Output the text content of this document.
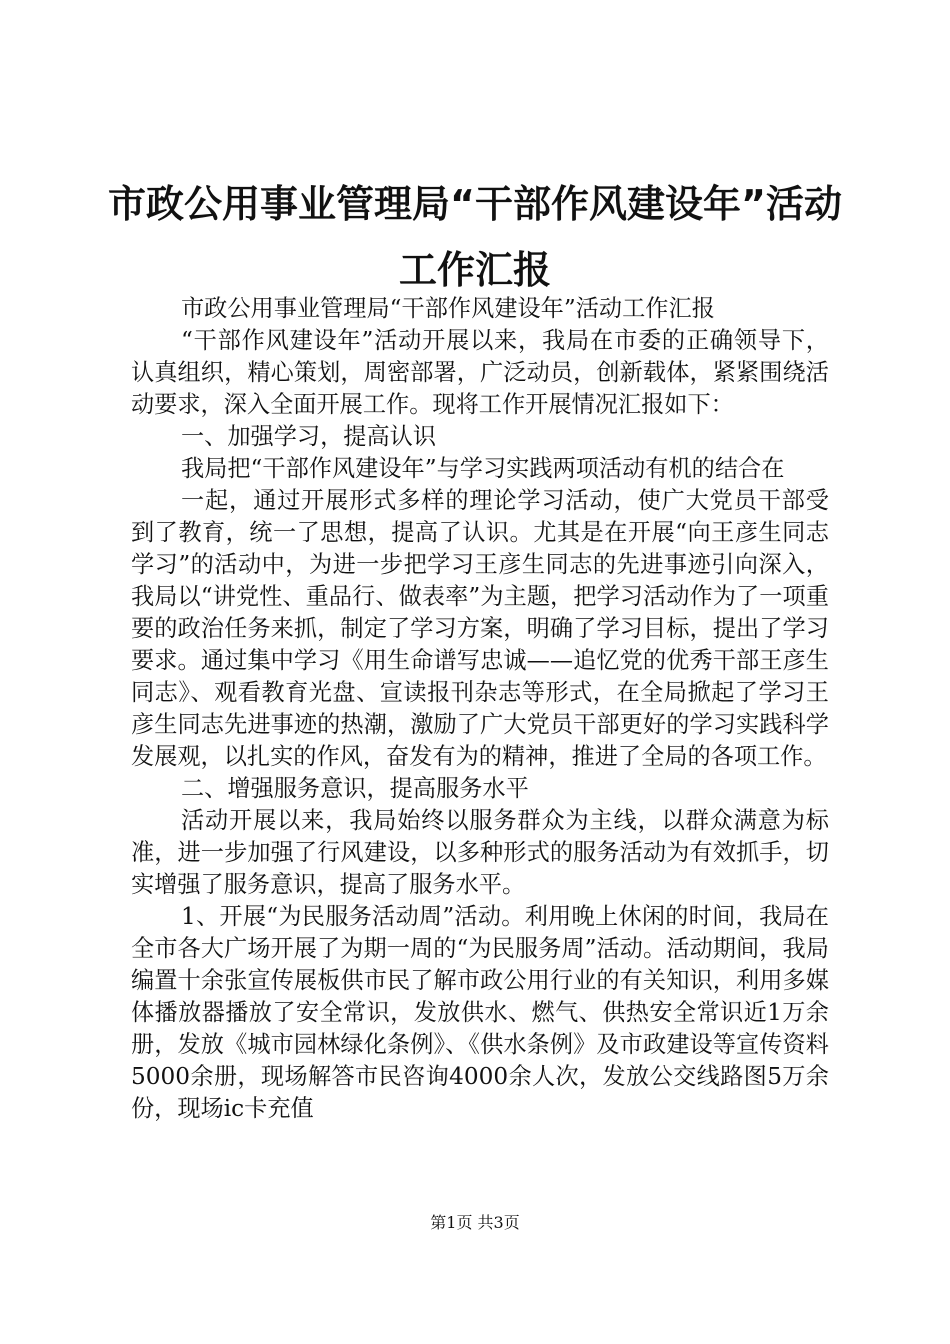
市政公用事业管理局“干部作风建设年”活动
工作汇报

市政公用事业管理局“干部作风建设年”活动工作汇报

“干部作风建设年”活动开展以来，我局在市委的正确领导下，认真组织，精心策划，周密部署，广泛动员，创新载体，紧紧围绕活动要求，深入全面开展工作。现将工作开展情况汇报如下：

一、加强学习，提高认识

我局把“干部作风建设年”与学习实践两项活动有机的结合在

一起，通过开展形式多样的理论学习活动，使广大党员干部受到了教育，统一了思想，提高了认识。尤其是在开展“向王彦生同志学习”的活动中，为进一步把学习王彦生同志的先进事迹引向深入，我局以“讲党性、重品行、做表率”为主题，把学习活动作为了一项重要的政治任务来抓，制定了学习方案，明确了学习目标，提出了学习要求。通过集中学习《用生命谱写忠诚——追忆党的优秀干部王彦生同志》、观看教育光盘、宣读报刊杂志等形式，在全局掀起了学习王彦生同志先进事迹的热潮，激励了广大党员干部更好的学习实践科学发展观，以扎实的作风，奋发有为的精神，推进了全局的各项工作。

二、增强服务意识，提高服务水平

活动开展以来，我局始终以服务群众为主线，以群众满意为标准，进一步加强了行风建设，以多种形式的服务活动为有效抓手，切实增强了服务意识，提高了服务水平。

1、开展“为民服务活动周”活动。利用晚上休闲的时间，我局在全市各大广场开展了为期一周的“为民服务周”活动。活动期间，我局编置十余张宣传展板供市民了解市政公用行业的有关知识，利用多媒体播放器播放了安全常识，发放供水、燃气、供热安全常识近1万余册，发放《城市园林绿化条例》、《供水条例》及市政建设等宣传资料5000余册，现场解答市民咨询4000余人次，发放公交线路图5万余份，现场ic卡充值

第1页 共3页
